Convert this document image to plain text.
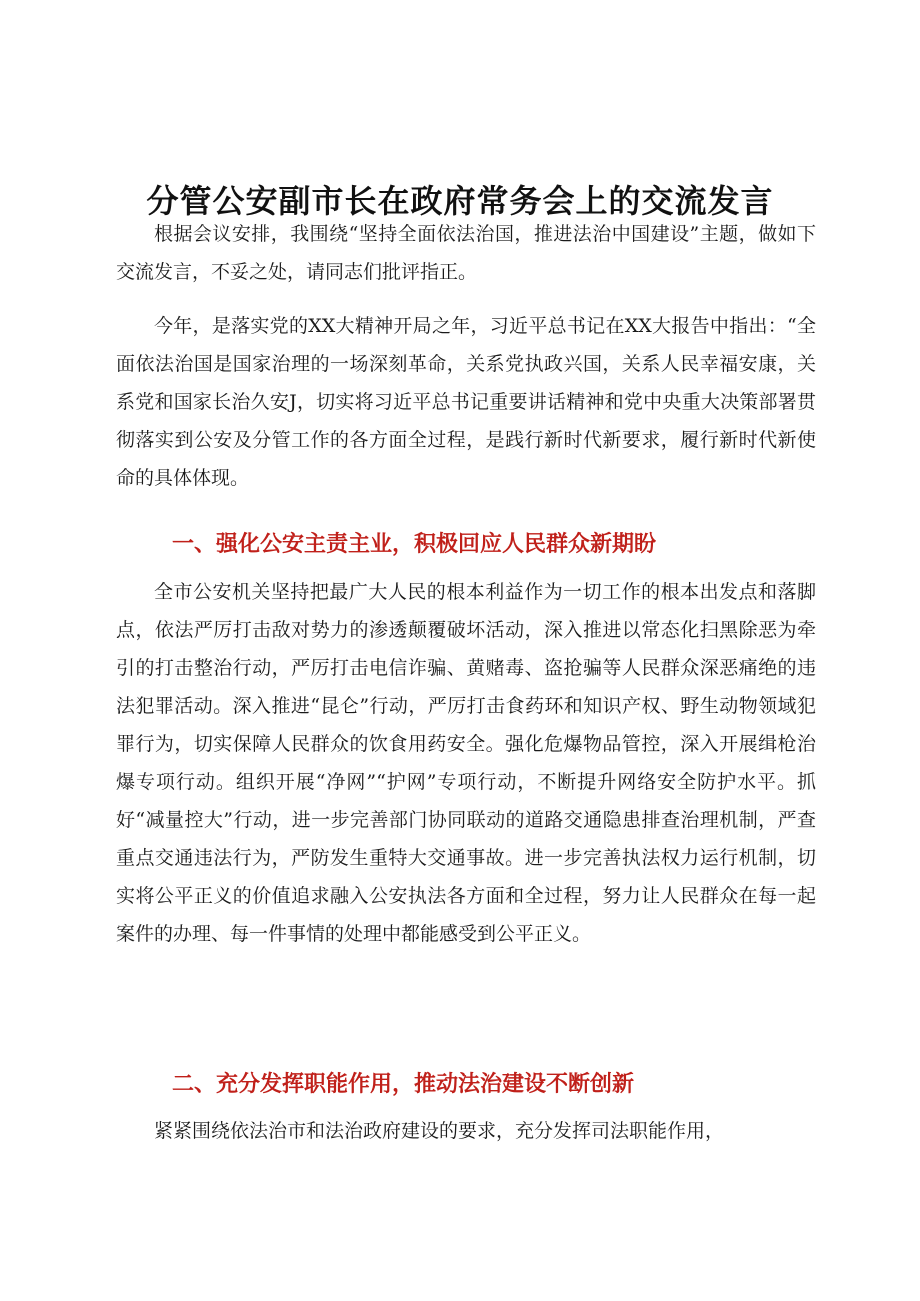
分管公安副市长在政府常务会上的交流发言

根据会议安排，我围绕“坚持全面依法治国，推进法治中国建设”主题，做如下交流发言，不妥之处，请同志们批评指正。

今年，是落实党的XX大精神开局之年，习近平总书记在XX大报告中指出：“全面依法治国是国家治理的一场深刻革命，关系党执政兴国，关系人民幸福安康，关系党和国家长治久安J，切实将习近平总书记重要讲话精神和党中央重大决策部署贯彻落实到公安及分管工作的各方面全过程，是践行新时代新要求，履行新时代新使命的具体体现。

一、强化公安主责主业，积极回应人民群众新期盼

全市公安机关坚持把最广大人民的根本利益作为一切工作的根本出发点和落脚点，依法严厉打击敌对势力的渗透颠覆破坏活动，深入推进以常态化扫黑除恶为牵引的打击整治行动，严厉打击电信诈骗、黄赌毒、盗抢骗等人民群众深恶痛绝的违法犯罪活动。深入推进“昆仑”行动，严厉打击食药环和知识产权、野生动物领域犯罪行为，切实保障人民群众的饮食用药安全。强化危爆物品管控，深入开展缉枪治爆专项行动。组织开展“净网”“护网”专项行动，不断提升网络安全防护水平。抓好“减量控大”行动，进一步完善部门协同联动的道路交通隐患排查治理机制，严查重点交通违法行为，严防发生重特大交通事故。进一步完善执法权力运行机制，切实将公平正义的价值追求融入公安执法各方面和全过程，努力让人民群众在每一起案件的办理、每一件事情的处理中都能感受到公平正义。

二、充分发挥职能作用，推动法治建设不断创新

紧紧围绕依法治市和法治政府建设的要求，充分发挥司法职能作用，
